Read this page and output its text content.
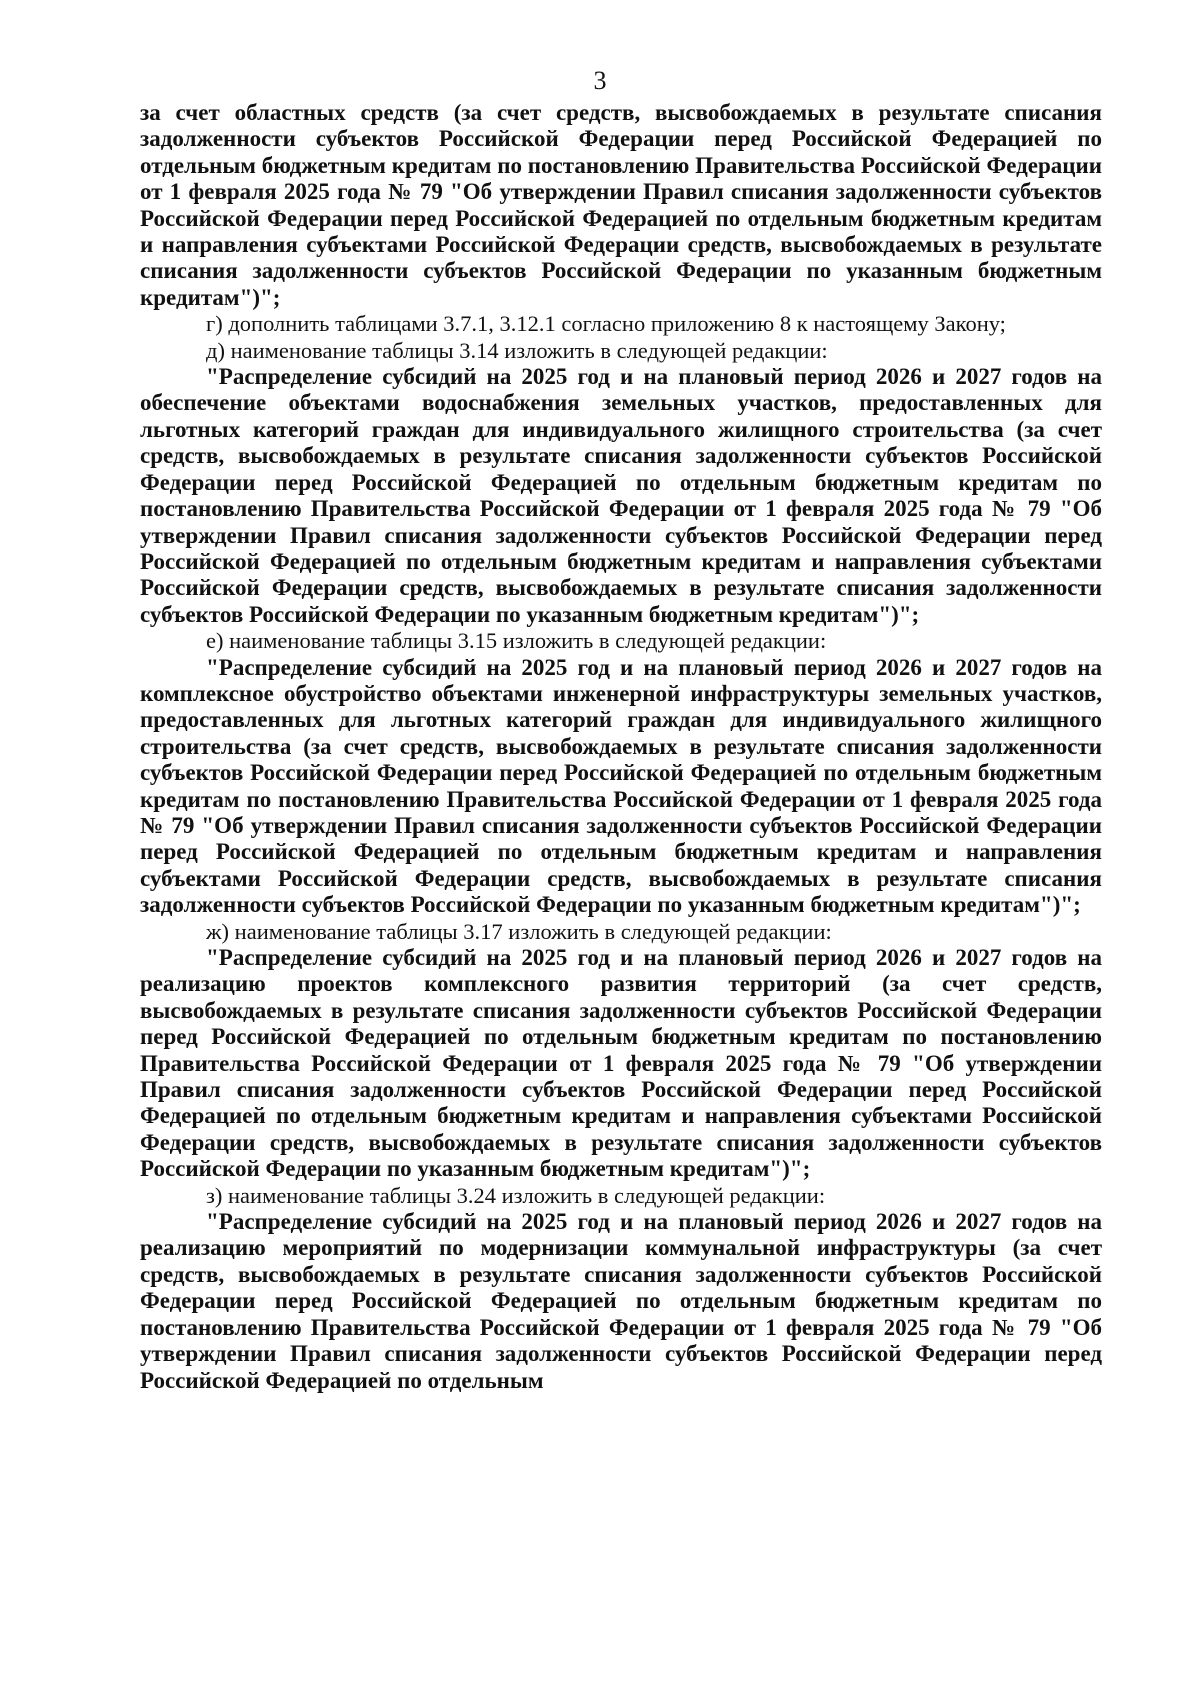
3

за счет областных средств (за счет средств, высвобождаемых в результате списания задолженности субъектов Российской Федерации перед Российской Федерацией по отдельным бюджетным кредитам по постановлению Правительства Российской Федерации от 1 февраля 2025 года № 79 "Об утверждении Правил списания задолженности субъектов Российской Федерации перед Российской Федерацией по отдельным бюджетным кредитам и направления субъектами Российской Федерации средств, высвобождаемых в результате списания задолженности субъектов Российской Федерации по указанным бюджетным кредитам")";

г) дополнить таблицами 3.7.1, 3.12.1 согласно приложению 8 к настоящему Закону;

д) наименование таблицы 3.14 изложить в следующей редакции:

"Распределение субсидий на 2025 год и на плановый период 2026 и 2027 годов на обеспечение объектами водоснабжения земельных участков, предоставленных для льготных категорий граждан для индивидуального жилищного строительства (за счет средств, высвобождаемых в результате списания задолженности субъектов Российской Федерации перед Российской Федерацией по отдельным бюджетным кредитам по постановлению Правительства Российской Федерации от 1 февраля 2025 года № 79 "Об утверждении Правил списания задолженности субъектов Российской Федерации перед Российской Федерацией по отдельным бюджетным кредитам и направления субъектами Российской Федерации средств, высвобождаемых в результате списания задолженности субъектов Российской Федерации по указанным бюджетным кредитам")";

е) наименование таблицы 3.15 изложить в следующей редакции:

"Распределение субсидий на 2025 год и на плановый период 2026 и 2027 годов на комплексное обустройство объектами инженерной инфраструктуры земельных участков, предоставленных для льготных категорий граждан для индивидуального жилищного строительства (за счет средств, высвобождаемых в результате списания задолженности субъектов Российской Федерации перед Российской Федерацией по отдельным бюджетным кредитам по постановлению Правительства Российской Федерации от 1 февраля 2025 года № 79 "Об утверждении Правил списания задолженности субъектов Российской Федерации перед Российской Федерацией по отдельным бюджетным кредитам и направления субъектами Российской Федерации средств, высвобождаемых в результате списания задолженности субъектов Российской Федерации по указанным бюджетным кредитам")";

ж) наименование таблицы 3.17 изложить в следующей редакции:

"Распределение субсидий на 2025 год и на плановый период 2026 и 2027 годов на реализацию проектов комплексного развития территорий (за счет средств, высвобождаемых в результате списания задолженности субъектов Российской Федерации перед Российской Федерацией по отдельным бюджетным кредитам по постановлению Правительства Российской Федерации от 1 февраля 2025 года № 79 "Об утверждении Правил списания задолженности субъектов Российской Федерации перед Российской Федерацией по отдельным бюджетным кредитам и направления субъектами Российской Федерации средств, высвобождаемых в результате списания задолженности субъектов Российской Федерации по указанным бюджетным кредитам")";

з) наименование таблицы 3.24 изложить в следующей редакции:

"Распределение субсидий на 2025 год и на плановый период 2026 и 2027 годов на реализацию мероприятий по модернизации коммунальной инфраструктуры (за счет средств, высвобождаемых в результате списания задолженности субъектов Российской Федерации перед Российской Федерацией по отдельным бюджетным кредитам по постановлению Правительства Российской Федерации от 1 февраля 2025 года № 79 "Об утверждении Правил списания задолженности субъектов Российской Федерации перед Российской Федерацией по отдельным
